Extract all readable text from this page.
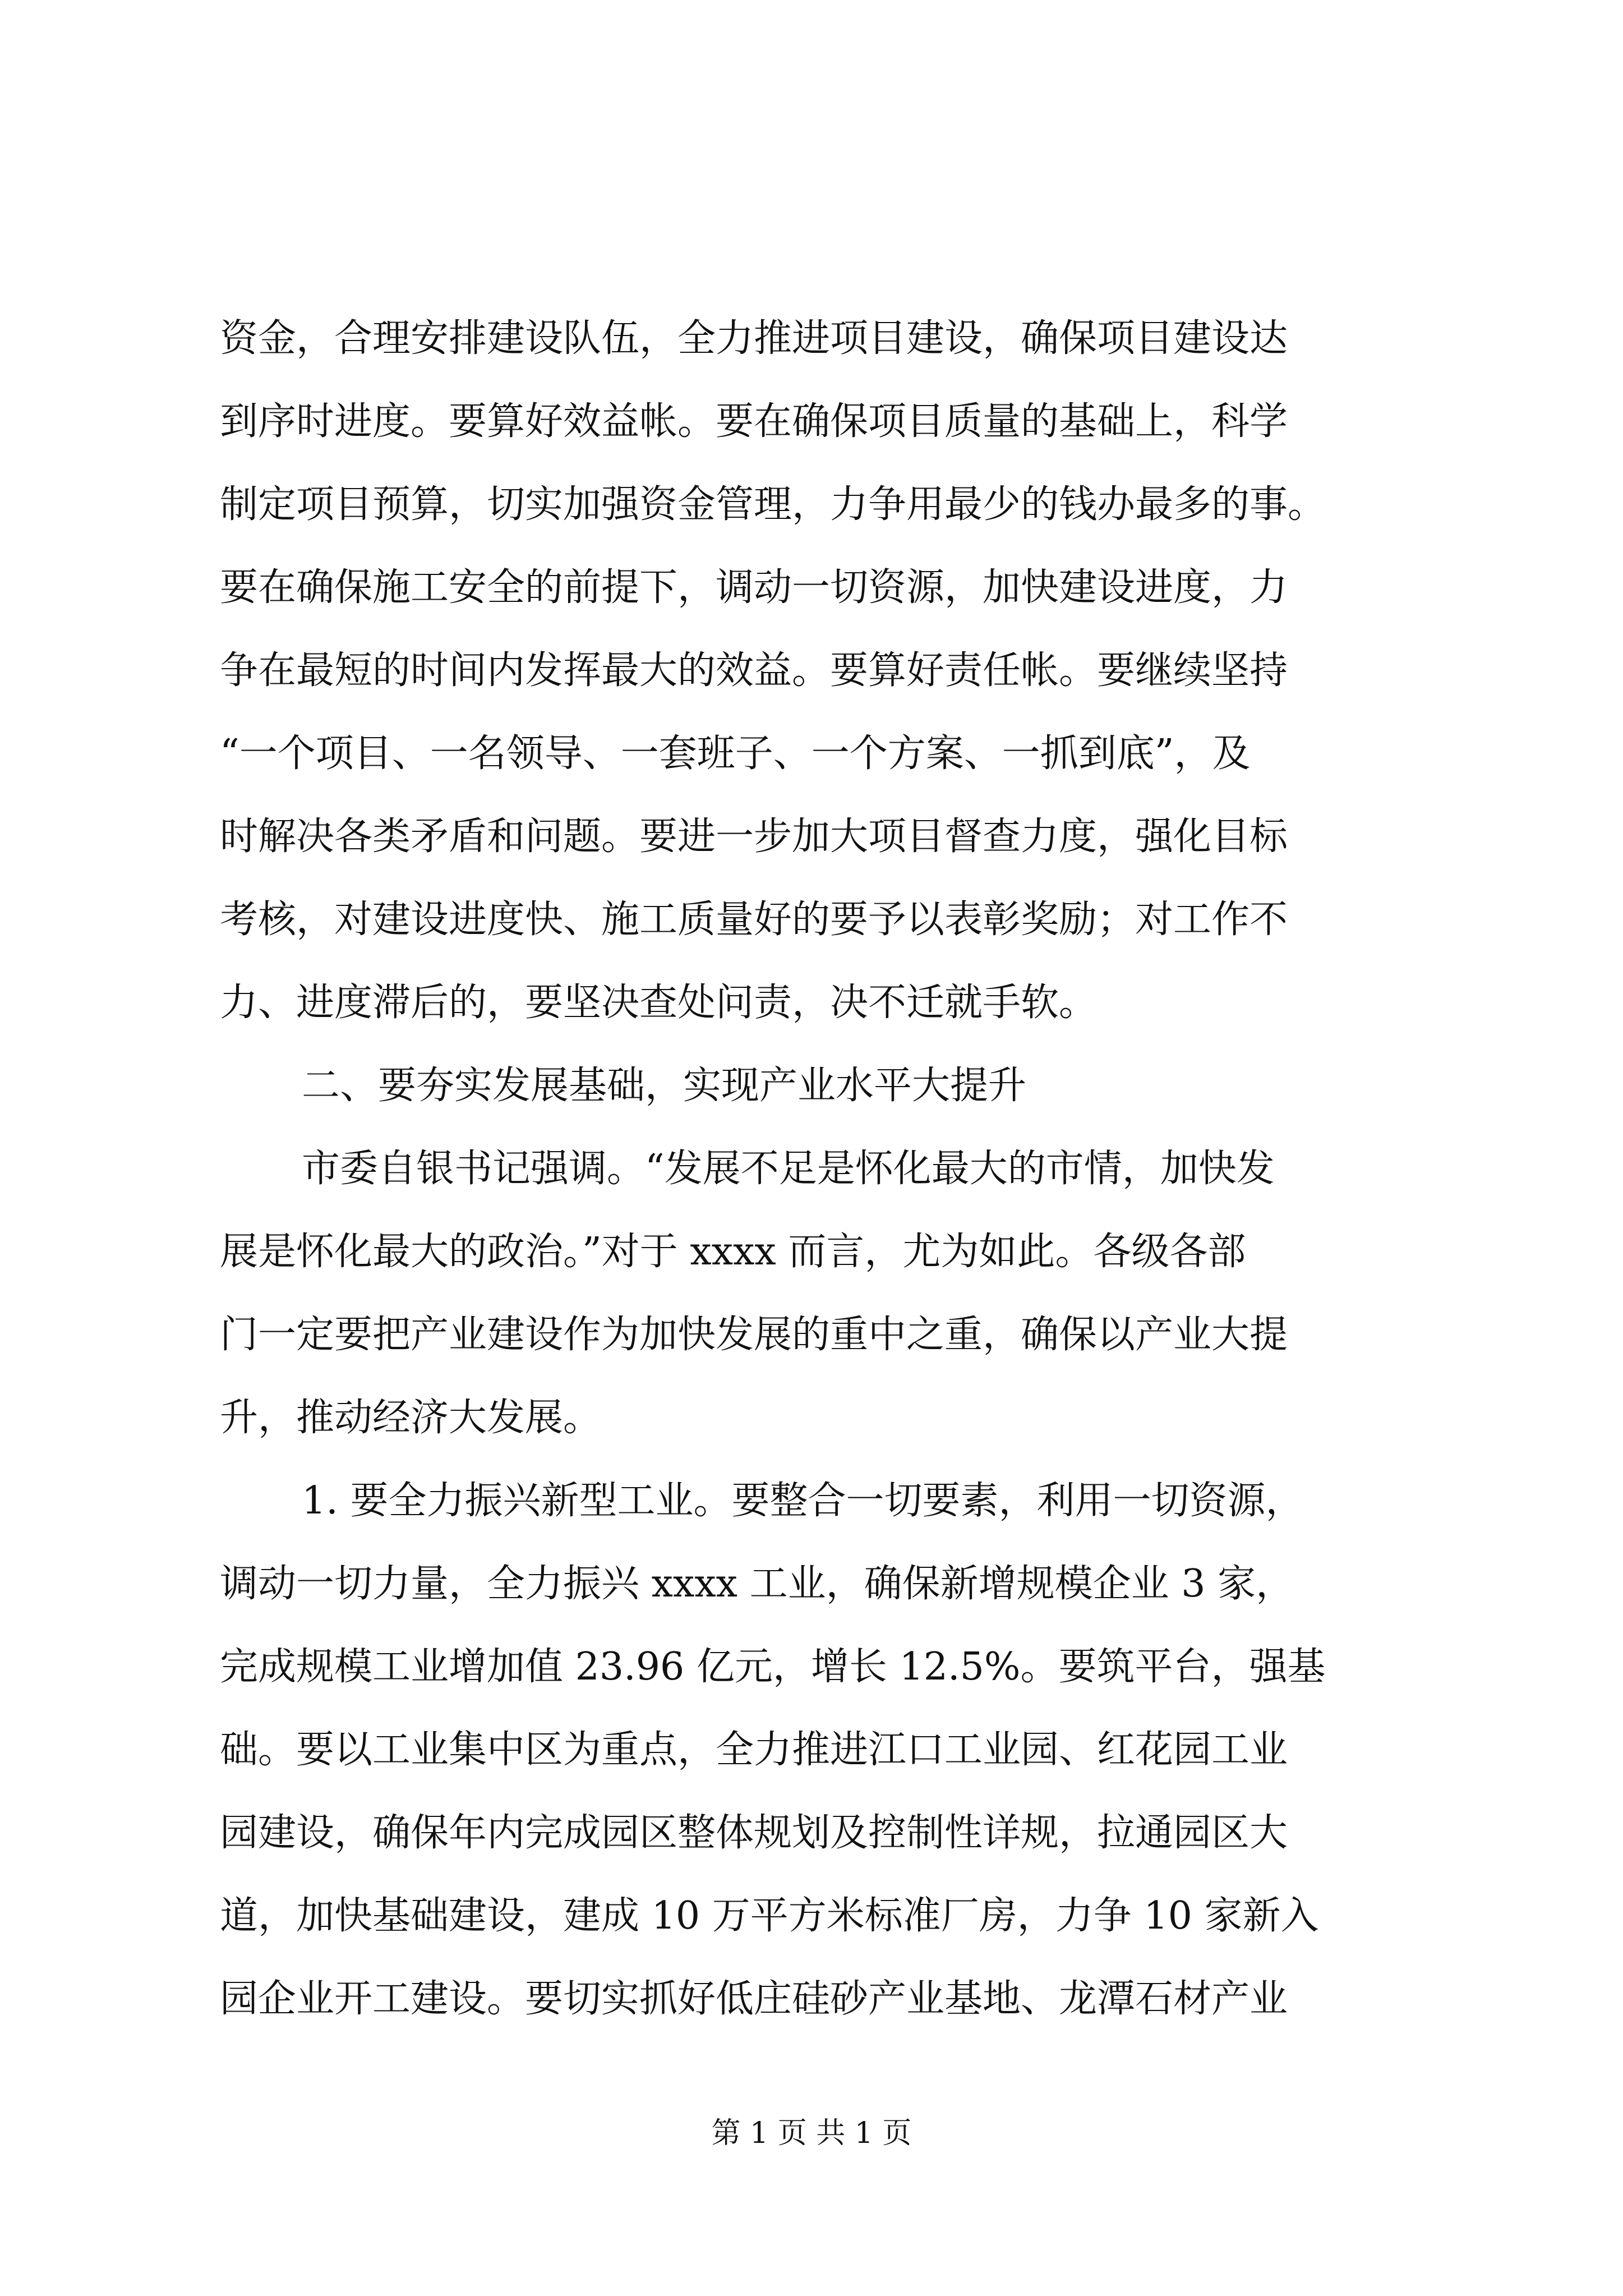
资金，合理安排建设队伍，全力推进项目建设，确保项目建设达
到序时进度。要算好效益帐。要在确保项目质量的基础上，科学
制定项目预算，切实加强资金管理，力争用最少的钱办最多的事。
要在确保施工安全的前提下，调动一切资源，加快建设进度，力
争在最短的时间内发挥最大的效益。要算好责任帐。要继续坚持
“一个项目、一名领导、一套班子、一个方案、一抓到底”，及
时解决各类矛盾和问题。要进一步加大项目督查力度，强化目标
考核，对建设进度快、施工质量好的要予以表彰奖励；对工作不
力、进度滞后的，要坚决查处问责，决不迁就手软。
二、要夯实发展基础，实现产业水平大提升
市委自银书记强调。“发展不足是怀化最大的市情，加快发
展是怀化最大的政治。”对于 xxxx 而言，尤为如此。各级各部
门一定要把产业建设作为加快发展的重中之重，确保以产业大提
升，推动经济大发展。
1. 要全力振兴新型工业。要整合一切要素，利用一切资源，
调动一切力量，全力振兴 xxxx 工业，确保新增规模企业 3 家，
完成规模工业增加值 23.96 亿元，增长 12.5%。要筑平台，强基
础。要以工业集中区为重点，全力推进江口工业园、红花园工业
园建设，确保年内完成园区整体规划及控制性详规，拉通园区大
道，加快基础建设，建成 10 万平方米标准厂房，力争 10 家新入
园企业开工建设。要切实抓好低庄硅砂产业基地、龙潭石材产业
第 1 页 共 1 页
